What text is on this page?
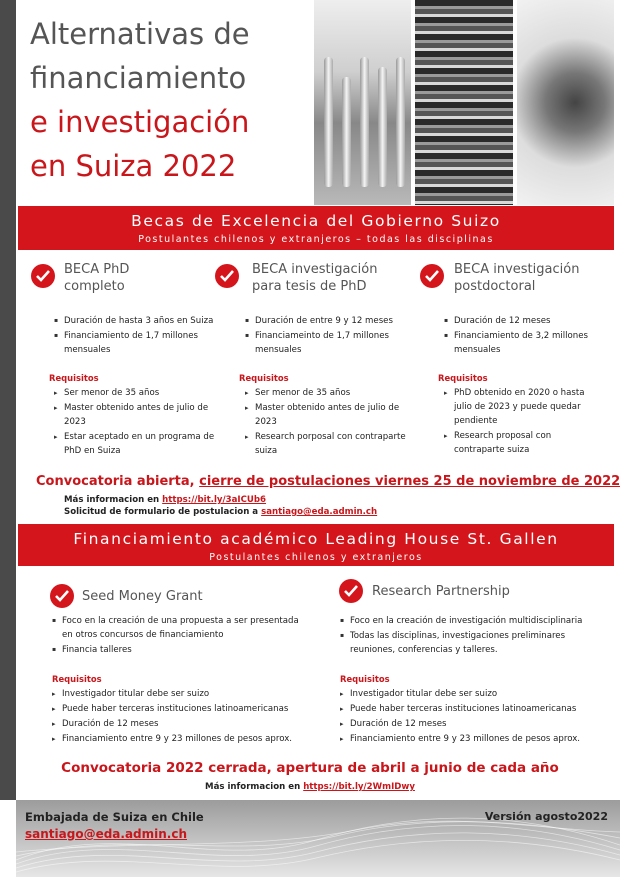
Alternativas de
financiamiento
e investigación
en Suiza 2022
Becas de Excelencia del Gobierno Suizo
Postulantes chilenos y extranjeros – todas las disciplinas
BECA PhD
completo
▪ Duración de hasta 3 años en Suiza
▪ Financiamiento de 1,7 millones mensuales
Requisitos
▸ Ser menor de 35 años
▸ Master obtenido antes de julio de 2023
▸ Estar aceptado en un programa de PhD en Suiza
BECA investigación
para tesis de PhD
▪ Duración de entre 9 y 12 meses
▪ Financiameinto de 1,7 millones mensuales
Requisitos
▸ Ser menor de 35 años
▸ Master obtenido antes de julio de 2023
▸ Research porposal con contraparte suiza
BECA investigación
postdoctoral
▪ Duración de 12 meses
▪ Financiamiento de 3,2 millones mensuales
Requisitos
▸ PhD obtenido en 2020 o hasta julio de 2023 y puede quedar pendiente
▸ Research proposal con contraparte suiza
Convocatoria abierta, cierre de postulaciones viernes 25 de noviembre de 2022
Más informacion en https://bit.ly/3aICUb6
Solicitud de formulario de postulacion a santiago@eda.admin.ch
Financiamiento académico Leading House St. Gallen
Postulantes chilenos y extranjeros
Seed Money Grant
▪ Foco en la creación de una propuesta a ser presentada en otros concursos de financiamiento
▪ Financia talleres
Requisitos
▸ Investigador titular debe ser suizo
▸ Puede haber terceras instituciones latinoamericanas
▸ Duración de 12 meses
▸ Financiamiento entre 9 y 23 millones de pesos aprox.
Research Partnership
▪ Foco en la creación de investigación multidisciplinaria
▪ Todas las disciplinas, investigaciones preliminares reuniones, conferencias y talleres.
Requisitos
▸ Investigador titular debe ser suizo
▸ Puede haber terceras instituciones latinoamericanas
▸ Duración de 12 meses
▸ Financiamiento entre 9 y 23 millones de pesos aprox.
Convocatoria 2022 cerrada, apertura de abril a junio de cada año
Más informacion en https://bit.ly/2WmIDwy
Embajada de Suiza en Chile
santiago@eda.admin.ch
Versión agosto2022
